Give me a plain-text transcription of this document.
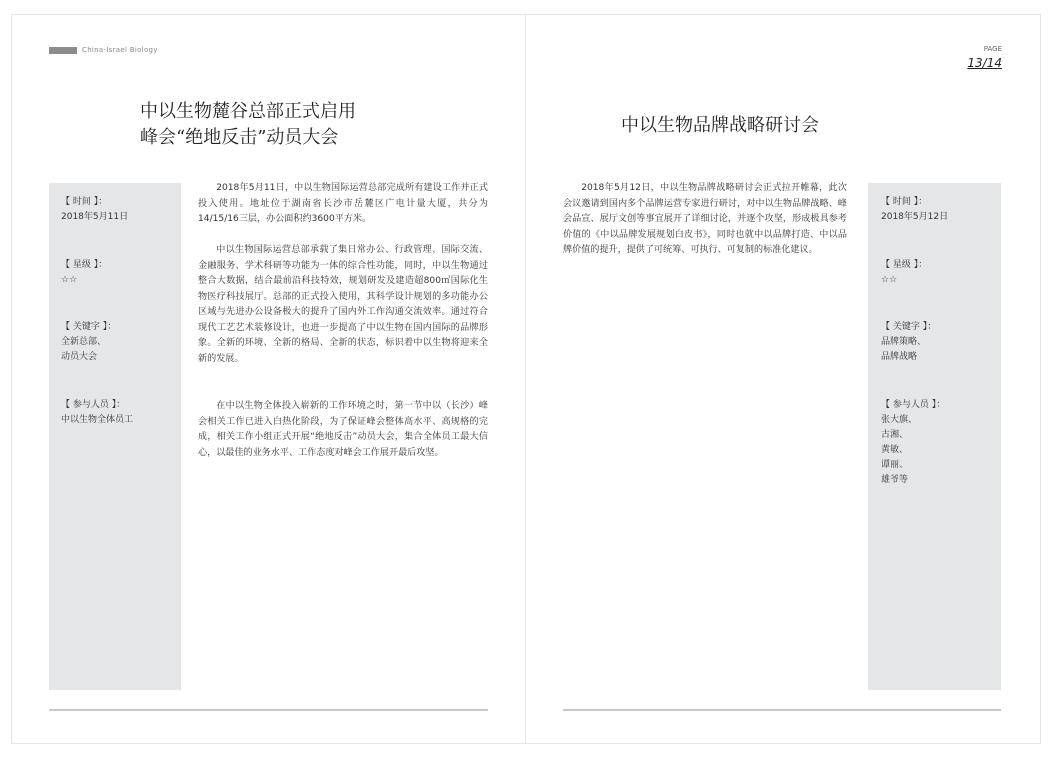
China-Israel Biology	PAGE
13/14
中以生物麓谷总部正式启用
峰会“绝地反击”动员大会
【 时间 】：
2018年5月11日
【 星级 】：
☆☆
【 关键字 】：
全新总部、
动员大会
【 参与人员 】：
中以生物全体员工

2018年5月11日，中以生物国际运营总部完成所有建设工作并正式投入使用。地址位于湖南省长沙市岳麓区广电计量大厦，共分为14/15/16三层，办公面积约3600平方米。

中以生物国际运营总部承载了集日常办公、行政管理、国际交流、金融服务、学术科研等功能为一体的综合性功能，同时，中以生物通过整合大数据，结合最前沿科技特效，规划研发及建造超800㎡国际化生物医疗科技展厅。总部的正式投入使用，其科学设计规划的多功能办公区域与先进办公设备极大的提升了国内外工作沟通交流效率。通过符合现代工艺艺术装修设计，也进一步提高了中以生物在国内国际的品牌形象。全新的环境、全新的格局、全新的状态，标识着中以生物将迎来全新的发展。

在中以生物全体投入崭新的工作环境之时，第一节中以（长沙）峰会相关工作已进入白热化阶段，为了保证峰会整体高水平、高规格的完成，相关工作小组正式开展“绝地反击”动员大会，集合全体员工最大信心，以最佳的业务水平、工作态度对峰会工作展开最后攻坚。

中以生物品牌战略研讨会

2018年5月12日，中以生物品牌战略研讨会正式拉开帷幕，此次会议邀请到国内多个品牌运营专家进行研讨，对中以生物品牌战略、峰会品宣、展厅文创等事宜展开了详细讨论，并逐个攻坚，形成极具参考价值的《中以品牌发展规划白皮书》，同时也就中以品牌打造、中以品牌价值的提升，提供了可统筹、可执行、可复制的标准化建议。

【 时间 】：
2018年5月12日
【 星级 】：
☆☆
【 关键字 】：
品牌策略、
品牌战略
【 参与人员 】：
张大旗、
古湘、
黄敏、
谭丽、
雄爷等
